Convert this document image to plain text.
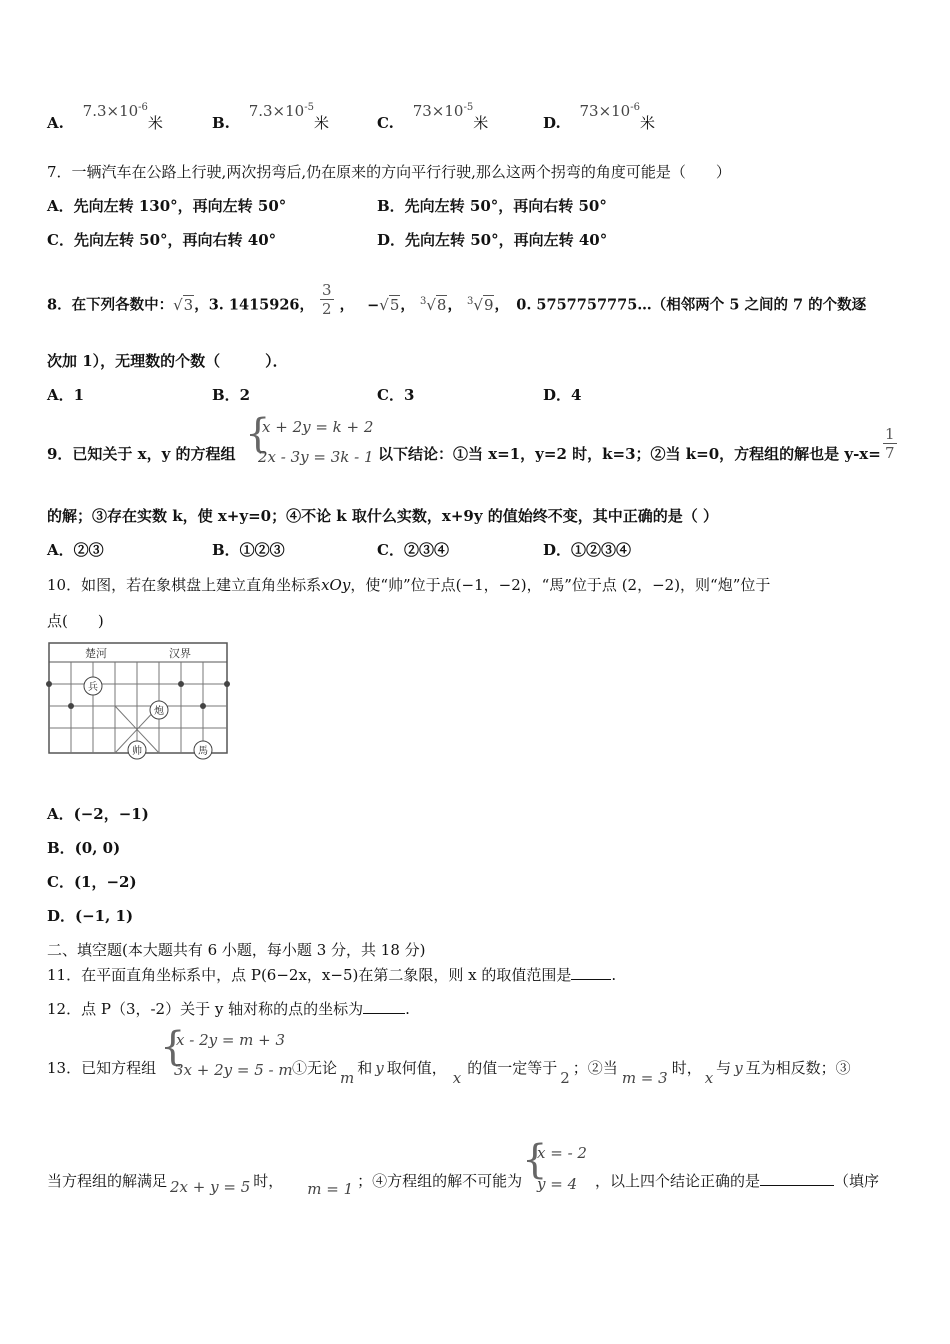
A. $7.3\times 10^{-6}$米	B. $7.3\times 10^{-5}$米	C. $73\times 10^{-5}$米	D. $73\times 10^{-6}$米
7．一辆汽车在公路上行驶,两次拐弯后,仍在原来的方向平行行驶,那么这两个拐弯的角度可能是（　　）
A．先向左转 130°，再向左转 50°	B．先向左转 50°，再向右转 50°
C．先向左转 50°，再向右转 40°	D．先向左转 50°，再向左转 40°
8．在下列各数中：√3，3. 1415926， $\frac{3}{2}$ ， −√5， $^3$√8， $^3$√9，　0. 5757757775…（相邻两个 5 之间的 7 的个数逐
次加 1），无理数的个数（　　　）．
A．1	B．2	C．3	D．4
9．已知关于 x，y 的方程组 {
x + 2y = k + 2
2x - 3y = 3k - 1 以下结论：①当 x=1，y=2 时，k=3；②当 k=0，方程组的解也是 $y-x= \frac{1}{7}$
的解；③存在实数 k，使 x+y=0；④不论 k 取什么实数，x+9y 的值始终不变，其中正确的是（ ）
A．②③	B．①②③	C．②③④	D．①②③④
10．如图，若在象棋盘上建立直角坐标系xOy，使“帅”位于点(−1，−2)，“馬”位于点 (2，−2)，则“炮”位于
点(　　)
楚河	汉界
兵
炮
帅	馬
A．(−2，−1)
B．(0, 0)
C．(1，−2)
D．(−1, 1)
二、填空题(本大题共有 6 小题，每小题 3 分，共 18 分)
11．在平面直角坐标系中，点 P(6−2x，x−5)在第二象限，则 x 的取值范围是	.
12．点 P（3，-2）关于 y 轴对称的点的坐标为	.
13．已知方程组 {
x - 2y = m + 3
3x + 2y = 5 - m ①无论m和 y 取何值，x的值一定等于2；②当m = 3时，x与 y 互为相反数；③
当方程组的解满足 2x + y = 5 时， m = 1 ；④方程组的解不可能为 {
x = - 2
y = 4 ，以上四个结论正确的是	（填序
